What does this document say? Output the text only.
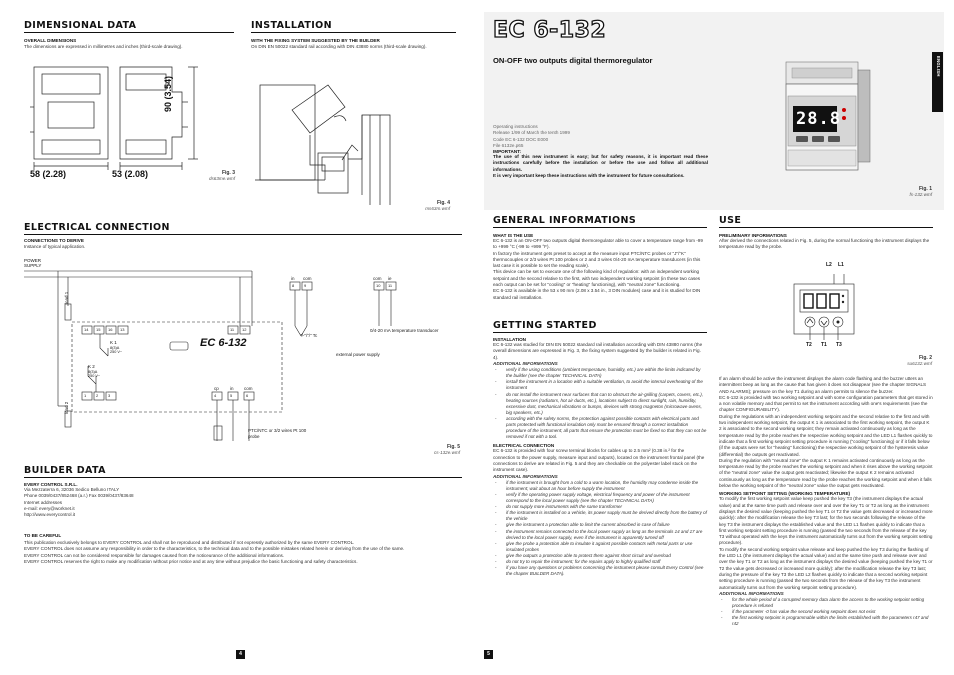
DIMENSIONAL DATA
OVERALL DIMENSIONS
The dimensions are expressed in millimetres and inches (third-scale drawing).
58 (2.28)	53 (2.08)
90 (3.54)
Fig. 3
ds63me.wmf
INSTALLATION
WITH THE FIXING SYSTEM SUGGESTED BY THE BUILDER
On DIN EN 50022 standard rail according with DIN 43880 norms (third-scale drawing).
Fig. 4
ms63m.wmf
ELECTRICAL CONNECTION
CONNECTIONS TO DERIVE
Instance of typical application.
POWER SUPPLY
load 1
load 2
K 1
8(3)A 250 V~
K 2
8(3)A 250 V~
EC 6-132
14 15 16 13	11 12
1 2 3	4	5	6
8 9	10 11
in com	com ie
"/-"/"/" Tc
0/4-20 mA temperature transducer
external power supply
cp in com
PTC/NTC or 3/2 wires Pt 100 probe
Fig. 5
cs-132e.wmf
BUILDER DATA
EVERY CONTROL S.R.L.
Via Mezzaterra 6, 32036 Sedico Belluno ITALY
Phone 0039/0437/852468 (a.r.) Fax 0039/0437/83648
Internet addresses
e-mail: every@worknet.it
http://www.everycontrol.it
TO BE CAREFUL
This publication exclusively belongs to EVERY CONTROL and shall not be reproduced and distributed if not expressly authorized by the same EVERY CONTROL.
EVERY CONTROL does not assume any responsibility in order to the characteristics, to the technical data and to the possible mistakes related herein or deriving from the use of the same.
EVERY CONTROL can not be considered responsible for damages caused from the noticeurance of the additional informations.
EVERY CONTROL reserves the right to make any modification without prior notice and at any time without prejudice the basic functioning and safety characteristics.
4
EC 6-132
ON-OFF two outputs digital thermoregulator	ENGLISH
Operating instructions
Release 1/99 of March the tenth 1999
Code EC 6-132 DOC E000
File 6132e.p65
IMPORTANT:
The use of this new instrument is easy; but for safety reasons, it is important read these instructions carefully before the installation or before the use and follow all additional informations.
It is very important keep these instructions with the instrument for future consultations.
28.8
Fig. 1
fs-132.wmf
GENERAL INFORMATIONS
WHAT IS THE USE
EC 6-132 is an ON-OFF two outputs digital thermoregulator able to cover a temperature range from -99 to +999 °C (-99 to +999 °F).
In factory the instrument gets preset to accept at the measure input PTC/NTC probes or "J"/"K" thermocouples or 2/3 wires Pt 100 probes or 2 and 3 wires 0/4-20 mA temperature transducers (in this last case it is possible to set the reading scale).
This device can be set to execute one of the following kind of regulation: with an independent working setpoint and the second relative to the first, with two independent working setpoint (in these two cases each output can be set for "cooling" or "heating" functioning), with "neutral zone" functioning.
EC 6-132 is available in the 53 x 90 mm (2.08 x 3.54 in., 3 DIN modules) case and it is studied for DIN standard rail installation.
GETTING STARTED
INSTALLATION
EC 6-132 was studied for DIN EN 50022 standard rail installation according with DIN 43880 norms (the overall dimensions are expressed in Fig. 3, the fixing system suggested by the builder is related in Fig. 4).
ADDITIONAL INFORMATIONS
- verify if the using conditions (ambient temperature, humidity, etc.) are within the limits indicated by the builder (see the chapter TECHNICAL DATA)
- install the instrument in a location with a suitable ventilation, to avoid the internal overheating of the instrument
- do not install the instrument near surfaces that can to obstruct the air-grilling (carpets, covers, etc.), heating sources (radiators, hot air ducts, etc.), locations subject to direct sunlight, rain, humidity, excessive dust, mechanical vibrations or bumps, devices with strong magnetos (microwave ovens, big speakers, etc.)
- according with the safety norms, the protection against possible contacts with electrical parts and parts protected with functional insulation only must be ensured through a correct installation procedure of the instrument; all parts that ensure the protection must be fixed so that they can not be removed if not with a tool.
ELECTRICAL CONNECTION
EC 6-132 is provided with four screw terminal blocks for cables up to 2.5 mm² (0.38 in.² for the connection to the power supply, measure input and outputs), located on the instrument frontal panel (the connections to derive are related in Fig. 5 and they are checkable on the polyester label stuck on the instrument case).
ADDITIONAL INFORMATIONS
- if the instrument is brought from a cold to a warm location, the humidity may condense inside the instrument; wait about an hour before supply the instrument
- verify if the operating power supply voltage, electrical frequency and power of the instrument correspond to the local power supply (see the chapter TECHNICAL DATA)
- do not supply more instruments with the same transformer
- if the instrument is installed on a vehicle, its power supply must be derived directly from the battery of the vehicle
- give the instrument a protection able to limit the current absorbed in case of failure
- the instrument remains connected to the local power supply as long as the terminals 14 and 17 are derived to the local power supply, even if the instrument is apparently turned off
- give the probe a protection able to insulate it against possible contacts with metal parts or use insulated probes
- give the outputs a protection able to protect them against short circuit and overload
- do not try to repair the instrument; for the repairs apply to highly qualified staff
- if you have any questions or problems concerning the instrument please consult Every Control (see the chapter BUILDER DATA).
USE
PRELIMINARY INFORMATIONS
After derived the connections related in Fig. 5, during the normal functioning the instrument displays the temperature read by the probe.
L2 L1
T2 T1 T3
Fig. 2
su6132.wmf
If an alarm should be active the instrument displays the alarm code flashing and the buzzer utters an intermittent beep as long as the cause that has given it does not disappear (see the chapter SIGNALS AND ALARMS); pressure on the key T1 during an alarm permits to silence the buzzer.
EC 6-132 is provided with two working setpoint and with some configuration parameters that get stored in a non volatile memory and that permit to set the instrument according with one's requirements (see the chapter CONFIGURABILITY).
During the regulations with an independent working setpoint and the second relative to the first and with two independent working setpoint, the output K 1 is associated to the first working setpoint, the output K 2 is associated to the second working setpoint; they remain activated continuously as long as the temperature read by the probe reaches the respective working setpoint and the LED L1 flashes quickly to indicate that a first working setpoint setting procedure is running ("cooling" functioning) or if it falls below (if the outputs were set for "heating" functioning) the respective working setpoint of the hysteresis value (differential) the outputs get reactivated.
During the regulation with "neutral zone" the output K 1 remains activated continuously as long as the temperature read by the probe reaches the working setpoint and when it rises above the working setpoint of the "neutral zone" value the output gets reactivated; likewise the output K 2 remains activated continuously as long as the temperature read by the probe reaches the working setpoint and when it falls below the working setpoint of the "neutral zone" value the output gets reactivated.
WORKING SETPOINT SETTING (WORKING TEMPERATURE)
To modify the first working setpoint value keep pushed the key T3 (the instrument displays the actual value) and at the same time push and release over and over the key T1 or T2 as long as the instrument displays the desired value (keeping pushed the key T1 or T2 the value gets decreased or increased more quickly): after the modification release the key T3 last; for the two seconds following the release of the key T3 the instrument displays the established value and the LED L1 flashes quickly to indicate that a first working setpoint setting procedure is running (passed the two seconds from the release of the key T3 without operated with the keys the instrument automatically turns out from the working setpoint setting procedure).
To modify the second working setpoint value release and keep pushed the key T3 during the flashing of the LED L1 (the instrument displays the actual value) and at the same time push and release over and over the key T1 or T2 as long as the instrument displays the desired value (keeping pushed the key T1 or T2 the value gets decreased or increased more quickly): after the modification release the key T3 last; during the pressure of the key T3 the LED L2 flashes quickly to indicate that a second working setpoint setting procedure is running (passed the two seconds from the release of the key T3 the instrument automatically turns out from the working setpoint setting procedure).
ADDITIONAL INFORMATIONS
- for the whole period of a corrupted memory data alarm the access to the working setpoint setting procedure is refused
- if the parameter -0 has value the second working setpoint does not exist
- the first working setpoint is programmable within the limits established with the parameters r47 and r42
5
